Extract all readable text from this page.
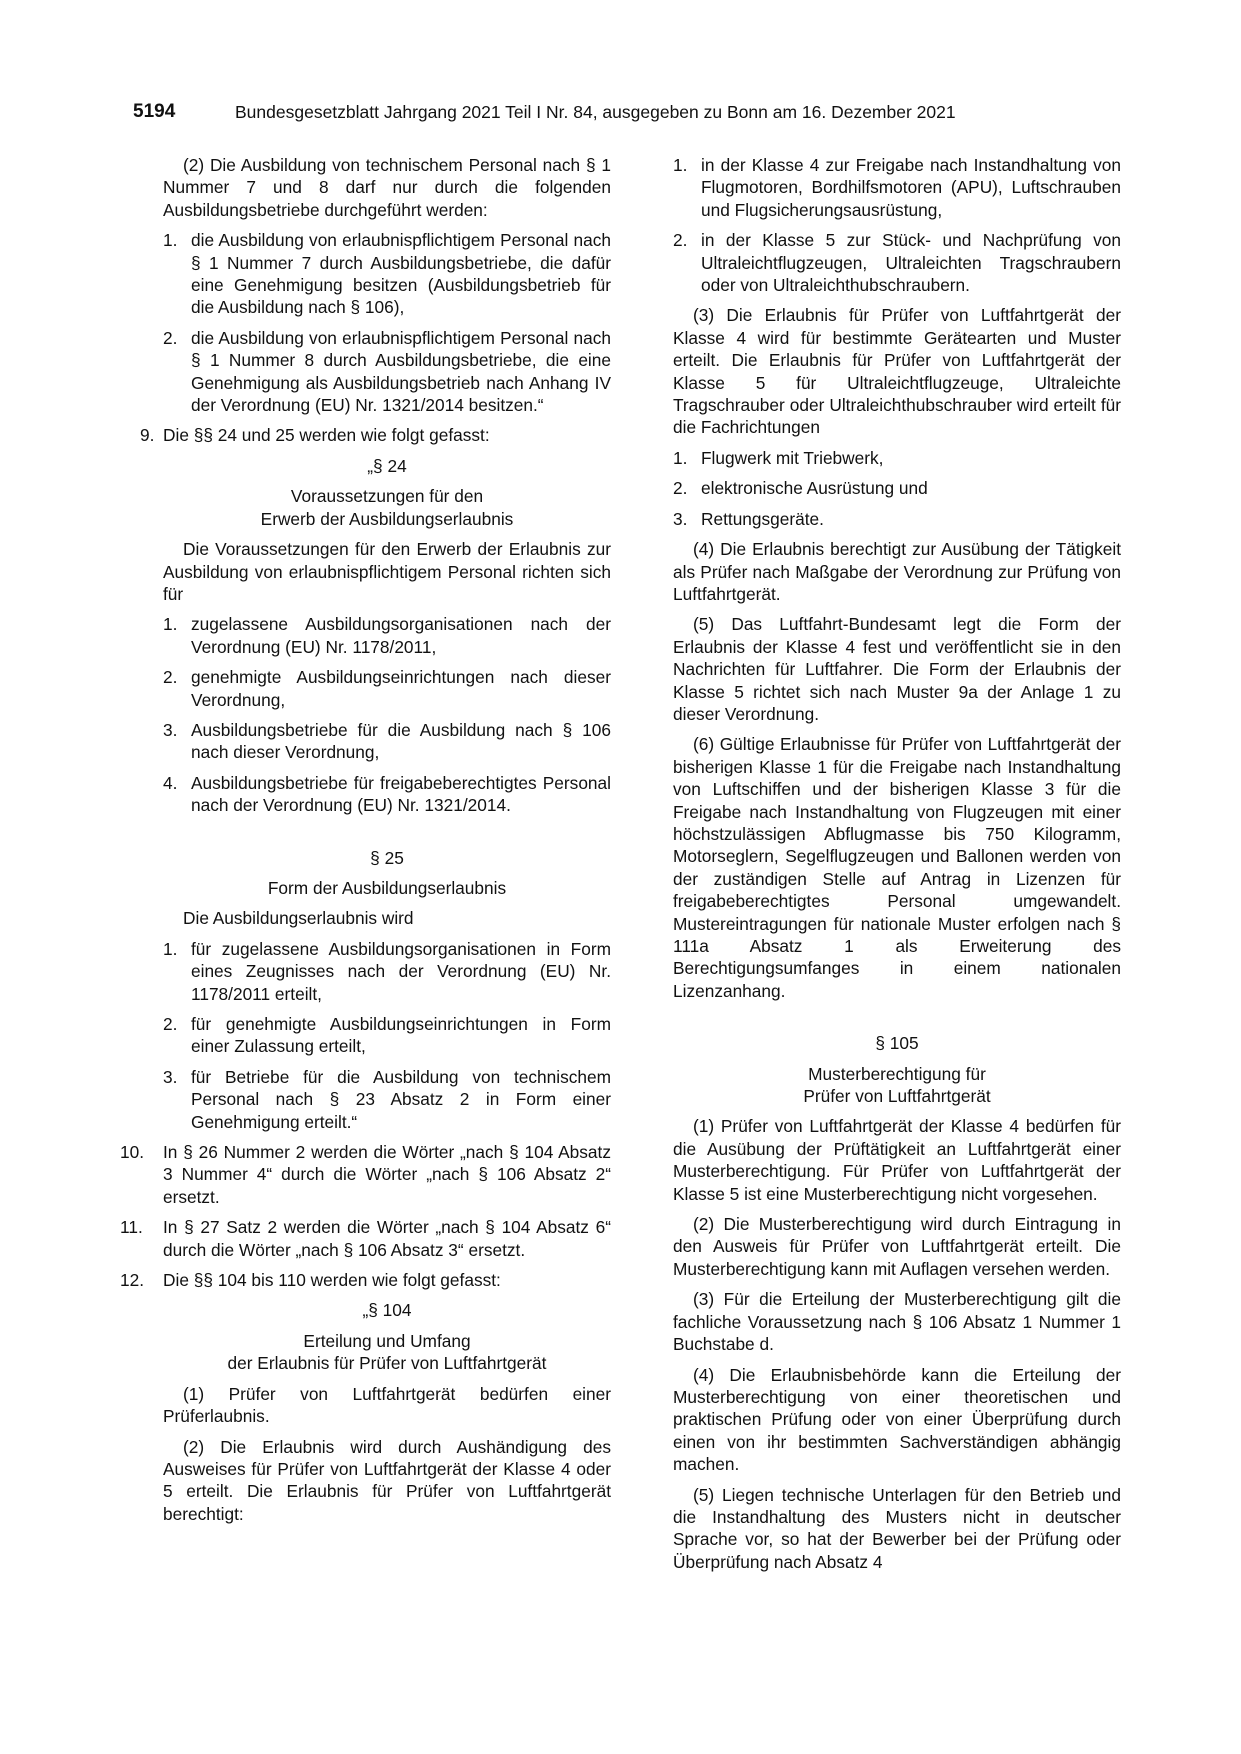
5194	Bundesgesetzblatt Jahrgang 2021 Teil I Nr. 84, ausgegeben zu Bonn am 16. Dezember 2021

(2) Die Ausbildung von technischem Personal nach § 1 Nummer 7 und 8 darf nur durch die folgenden Ausbildungsbetriebe durchgeführt werden:

1. die Ausbildung von erlaubnispflichtigem Personal nach § 1 Nummer 7 durch Ausbildungsbetriebe, die dafür eine Genehmigung besitzen (Ausbildungsbetrieb für die Ausbildung nach § 106),
2. die Ausbildung von erlaubnispflichtigem Personal nach § 1 Nummer 8 durch Ausbildungsbetriebe, die eine Genehmigung als Ausbildungsbetrieb nach Anhang IV der Verordnung (EU) Nr. 1321/2014 besitzen.“
9. Die §§ 24 und 25 werden wie folgt gefasst:

„§ 24

Voraussetzungen für den

Erwerb der Ausbildungserlaubnis

Die Voraussetzungen für den Erwerb der Erlaubnis zur Ausbildung von erlaubnispflichtigem Personal richten sich für

1. zugelassene Ausbildungsorganisationen nach der Verordnung (EU) Nr. 1178/2011,
2. genehmigte Ausbildungseinrichtungen nach dieser Verordnung,
3. Ausbildungsbetriebe für die Ausbildung nach § 106 nach dieser Verordnung,
4. Ausbildungsbetriebe für freigabeberechtigtes Personal nach der Verordnung (EU) Nr. 1321/2014.

§ 25

Form der Ausbildungserlaubnis

Die Ausbildungserlaubnis wird

1. für zugelassene Ausbildungsorganisationen in Form eines Zeugnisses nach der Verordnung (EU) Nr. 1178/2011 erteilt,
2. für genehmigte Ausbildungseinrichtungen in Form einer Zulassung erteilt,
3. für Betriebe für die Ausbildung von technischem Personal nach § 23 Absatz 2 in Form einer Genehmigung erteilt.“
10. In § 26 Nummer 2 werden die Wörter „nach § 104 Absatz 3 Nummer 4“ durch die Wörter „nach § 106 Absatz 2“ ersetzt.
11. In § 27 Satz 2 werden die Wörter „nach § 104 Absatz 6“ durch die Wörter „nach § 106 Absatz 3“ ersetzt.
12. Die §§ 104 bis 110 werden wie folgt gefasst:

„§ 104

Erteilung und Umfang

der Erlaubnis für Prüfer von Luftfahrtgerät

(1) Prüfer von Luftfahrtgerät bedürfen einer Prüferlaubnis.

(2) Die Erlaubnis wird durch Aushändigung des Ausweises für Prüfer von Luftfahrtgerät der Klasse 4 oder 5 erteilt. Die Erlaubnis für Prüfer von Luftfahrtgerät berechtigt:

1. in der Klasse 4 zur Freigabe nach Instandhaltung von Flugmotoren, Bordhilfsmotoren (APU), Luftschrauben und Flugsicherungsausrüstung,
2. in der Klasse 5 zur Stück- und Nachprüfung von Ultraleichtflugzeugen, Ultraleichten Tragschraubern oder von Ultraleichthubschraubern.

(3) Die Erlaubnis für Prüfer von Luftfahrtgerät der Klasse 4 wird für bestimmte Gerätearten und Muster erteilt. Die Erlaubnis für Prüfer von Luftfahrtgerät der Klasse 5 für Ultraleichtflugzeuge, Ultraleichte Tragschrauber oder Ultraleichthubschrauber wird erteilt für die Fachrichtungen

1. Flugwerk mit Triebwerk,
2. elektronische Ausrüstung und
3. Rettungsgeräte.

(4) Die Erlaubnis berechtigt zur Ausübung der Tätigkeit als Prüfer nach Maßgabe der Verordnung zur Prüfung von Luftfahrtgerät.

(5) Das Luftfahrt-Bundesamt legt die Form der Erlaubnis der Klasse 4 fest und veröffentlicht sie in den Nachrichten für Luftfahrer. Die Form der Erlaubnis der Klasse 5 richtet sich nach Muster 9a der Anlage 1 zu dieser Verordnung.

(6) Gültige Erlaubnisse für Prüfer von Luftfahrtgerät der bisherigen Klasse 1 für die Freigabe nach Instandhaltung von Luftschiffen und der bisherigen Klasse 3 für die Freigabe nach Instandhaltung von Flugzeugen mit einer höchstzulässigen Abflugmasse bis 750 Kilogramm, Motorseglern, Segelflugzeugen und Ballonen werden von der zuständigen Stelle auf Antrag in Lizenzen für freigabeberechtigtes Personal umgewandelt. Mustereintragungen für nationale Muster erfolgen nach § 111a Absatz 1 als Erweiterung des Berechtigungsumfanges in einem nationalen Lizenzanhang.

§ 105

Musterberechtigung für

Prüfer von Luftfahrtgerät

(1) Prüfer von Luftfahrtgerät der Klasse 4 bedürfen für die Ausübung der Prüftätigkeit an Luftfahrtgerät einer Musterberechtigung. Für Prüfer von Luftfahrtgerät der Klasse 5 ist eine Musterberechtigung nicht vorgesehen.

(2) Die Musterberechtigung wird durch Eintragung in den Ausweis für Prüfer von Luftfahrtgerät erteilt. Die Musterberechtigung kann mit Auflagen versehen werden.

(3) Für die Erteilung der Musterberechtigung gilt die fachliche Voraussetzung nach § 106 Absatz 1 Nummer 1 Buchstabe d.

(4) Die Erlaubnisbehörde kann die Erteilung der Musterberechtigung von einer theoretischen und praktischen Prüfung oder von einer Überprüfung durch einen von ihr bestimmten Sachverständigen abhängig machen.

(5) Liegen technische Unterlagen für den Betrieb und die Instandhaltung des Musters nicht in deutscher Sprache vor, so hat der Bewerber bei der Prüfung oder Überprüfung nach Absatz 4
